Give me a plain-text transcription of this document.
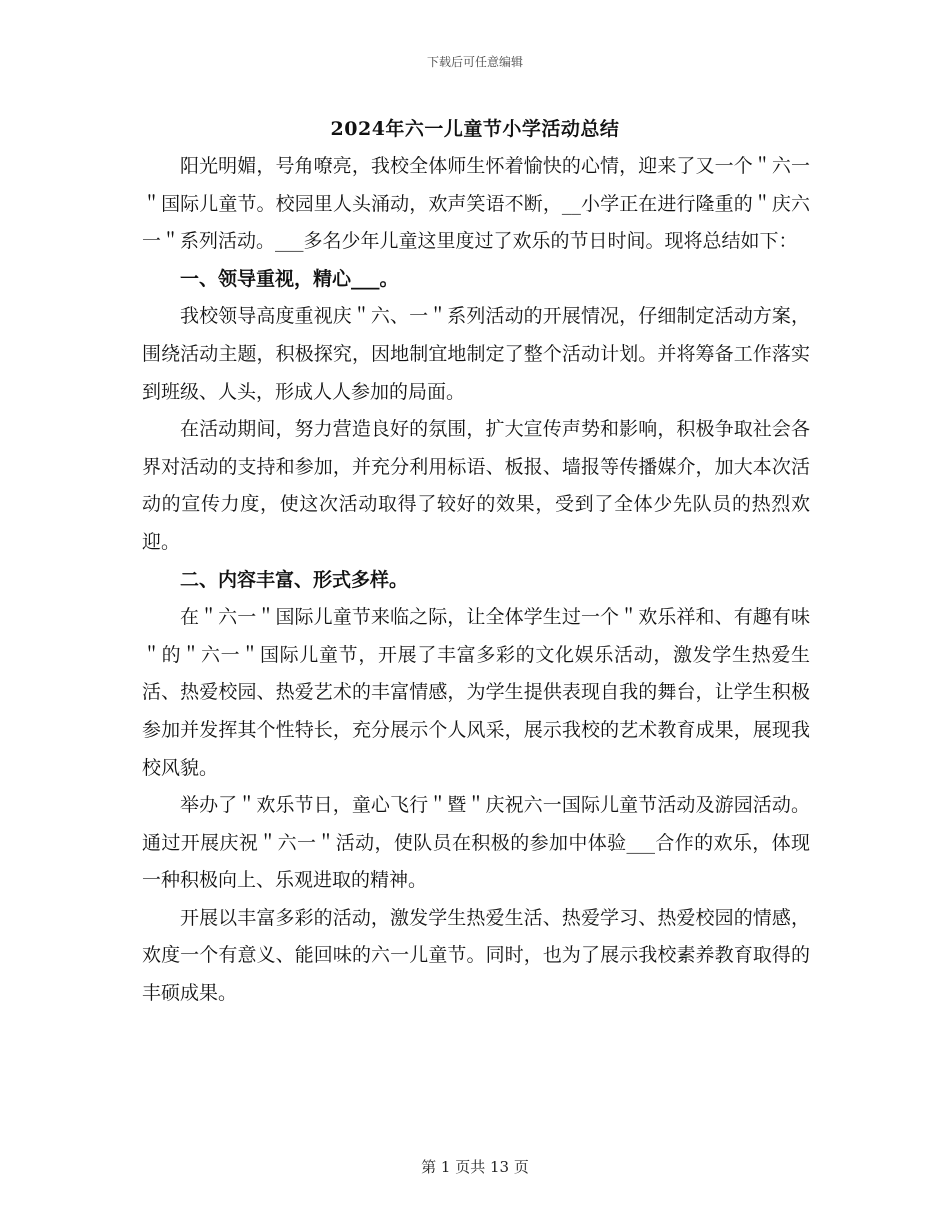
下载后可任意编辑
2024年六一儿童节小学活动总结

阳光明媚，号角嘹亮，我校全体师生怀着愉快的心情，迎来了又一个＂六一＂国际儿童节。校园里人头涌动，欢声笑语不断，__小学正在进行隆重的＂庆六一＂系列活动。___多名少年儿童这里度过了欢乐的节日时间。现将总结如下：

一、领导重视，精心___。

我校领导高度重视庆＂六、一＂系列活动的开展情况，仔细制定活动方案，围绕活动主题，积极探究，因地制宜地制定了整个活动计划。并将筹备工作落实到班级、人头，形成人人参加的局面。

在活动期间，努力营造良好的氛围，扩大宣传声势和影响，积极争取社会各界对活动的支持和参加，并充分利用标语、板报、墙报等传播媒介，加大本次活动的宣传力度，使这次活动取得了较好的效果，受到了全体少先队员的热烈欢迎。

二、内容丰富、形式多样。

在＂六一＂国际儿童节来临之际，让全体学生过一个＂欢乐祥和、有趣有味＂的＂六一＂国际儿童节，开展了丰富多彩的文化娱乐活动，激发学生热爱生活、热爱校园、热爱艺术的丰富情感，为学生提供表现自我的舞台，让学生积极参加并发挥其个性特长，充分展示个人风采，展示我校的艺术教育成果，展现我校风貌。

举办了＂欢乐节日，童心飞行＂暨＂庆祝六一国际儿童节活动及游园活动。通过开展庆祝＂六一＂活动，使队员在积极的参加中体验___合作的欢乐，体现一种积极向上、乐观进取的精神。

开展以丰富多彩的活动，激发学生热爱生活、热爱学习、热爱校园的情感，欢度一个有意义、能回味的六一儿童节。同时，也为了展示我校素养教育取得的丰硕成果。

第 1 页共 13 页
